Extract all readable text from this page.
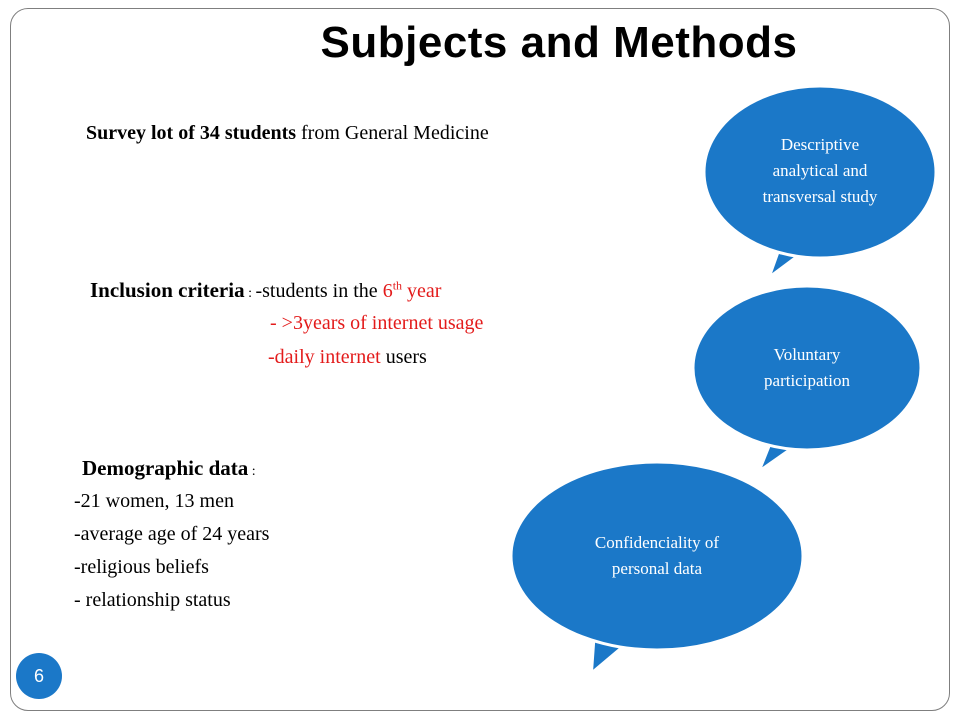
Subjects and Methods
Survey lot of 34 students from General Medicine
Inclusion criteria : -students in the 6th year
- >3years of internet usage
-daily internet users
Demographic data :
-21 women, 13 men
-average age of 24 years
-religious beliefs
- relationship status
Descriptive
analytical and
transversal study
Voluntary
participation
Confidenciality of
personal data
6
